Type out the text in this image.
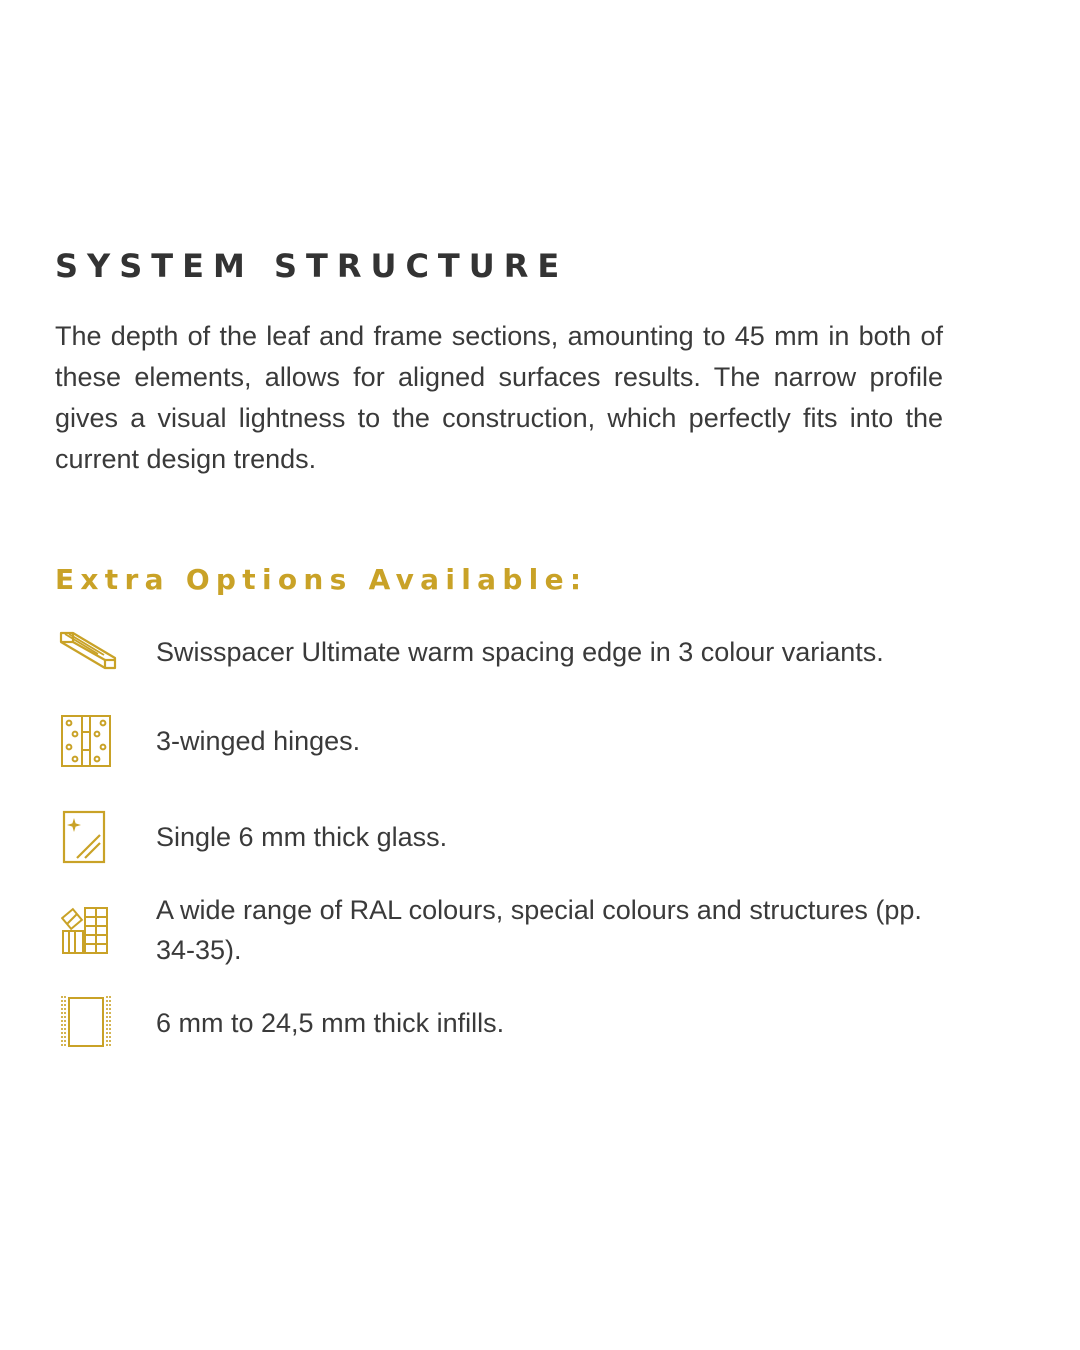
SYSTEM STRUCTURE

The depth of the leaf and frame sections, amounting to 45 mm in both of these elements, allows for aligned surfaces results. The narrow profile gives a visual lightness to the construction, which perfectly fits into the current design trends.

Extra Options Available:

Swisspacer Ultimate warm spacing edge in 3 colour variants.

3-winged hinges.

Single 6 mm thick glass.

A wide range of RAL colours, special colours and structures (pp. 34-35).

6 mm to 24,5 mm thick infills.
